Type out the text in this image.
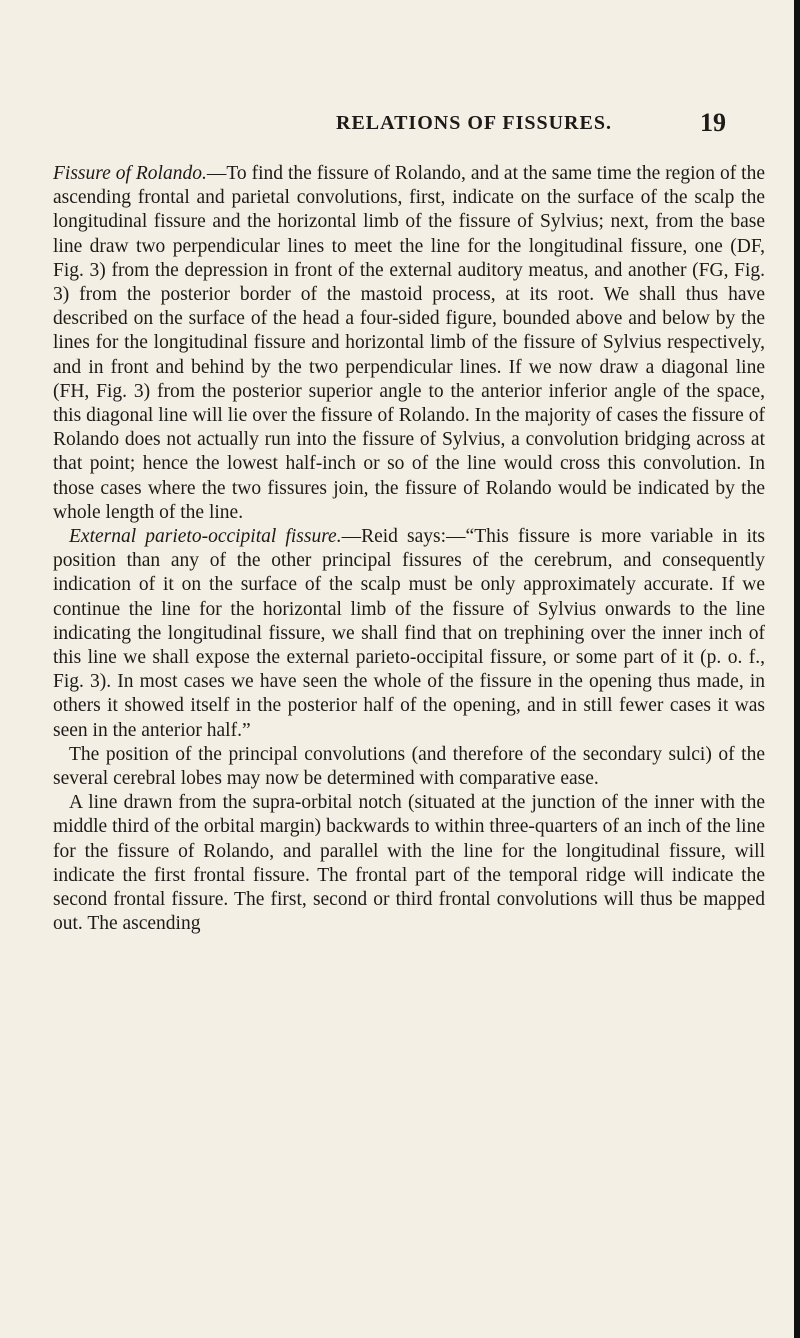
RELATIONS OF FISSURES.	19

Fissure of Rolando.—To find the fissure of Rolando, and at the same time the region of the ascending frontal and parietal convolutions, first, indicate on the surface of the scalp the longitudinal fissure and the horizontal limb of the fissure of Sylvius; next, from the base line draw two perpendicular lines to meet the line for the longitudinal fissure, one (DF, Fig. 3) from the depression in front of the external auditory meatus, and another (FG, Fig. 3) from the posterior border of the mastoid process, at its root. We shall thus have described on the surface of the head a four-sided figure, bounded above and below by the lines for the longitudinal fissure and horizontal limb of the fissure of Sylvius respectively, and in front and behind by the two perpendicular lines. If we now draw a diagonal line (FH, Fig. 3) from the posterior superior angle to the anterior inferior angle of the space, this diagonal line will lie over the fissure of Rolando. In the majority of cases the fissure of Rolando does not actually run into the fissure of Sylvius, a convolution bridging across at that point; hence the lowest half-inch or so of the line would cross this convolution. In those cases where the two fissures join, the fissure of Rolando would be indicated by the whole length of the line.

External parieto-occipital fissure.—Reid says:—“This fissure is more variable in its position than any of the other principal fissures of the cerebrum, and consequently indication of it on the surface of the scalp must be only approximately accurate. If we continue the line for the horizontal limb of the fissure of Sylvius onwards to the line indicating the longitudinal fissure, we shall find that on trephining over the inner inch of this line we shall expose the external parieto-occipital fissure, or some part of it (p. o. f., Fig. 3). In most cases we have seen the whole of the fissure in the opening thus made, in others it showed itself in the posterior half of the opening, and in still fewer cases it was seen in the anterior half.”

The position of the principal convolutions (and therefore of the secondary sulci) of the several cerebral lobes may now be determined with comparative ease.

A line drawn from the supra-orbital notch (situated at the junction of the inner with the middle third of the orbital margin) backwards to within three-quarters of an inch of the line for the fissure of Rolando, and parallel with the line for the longitudinal fissure, will indicate the first frontal fissure. The frontal part of the temporal ridge will indicate the second frontal fissure. The first, second or third frontal convolutions will thus be mapped out. The ascending
